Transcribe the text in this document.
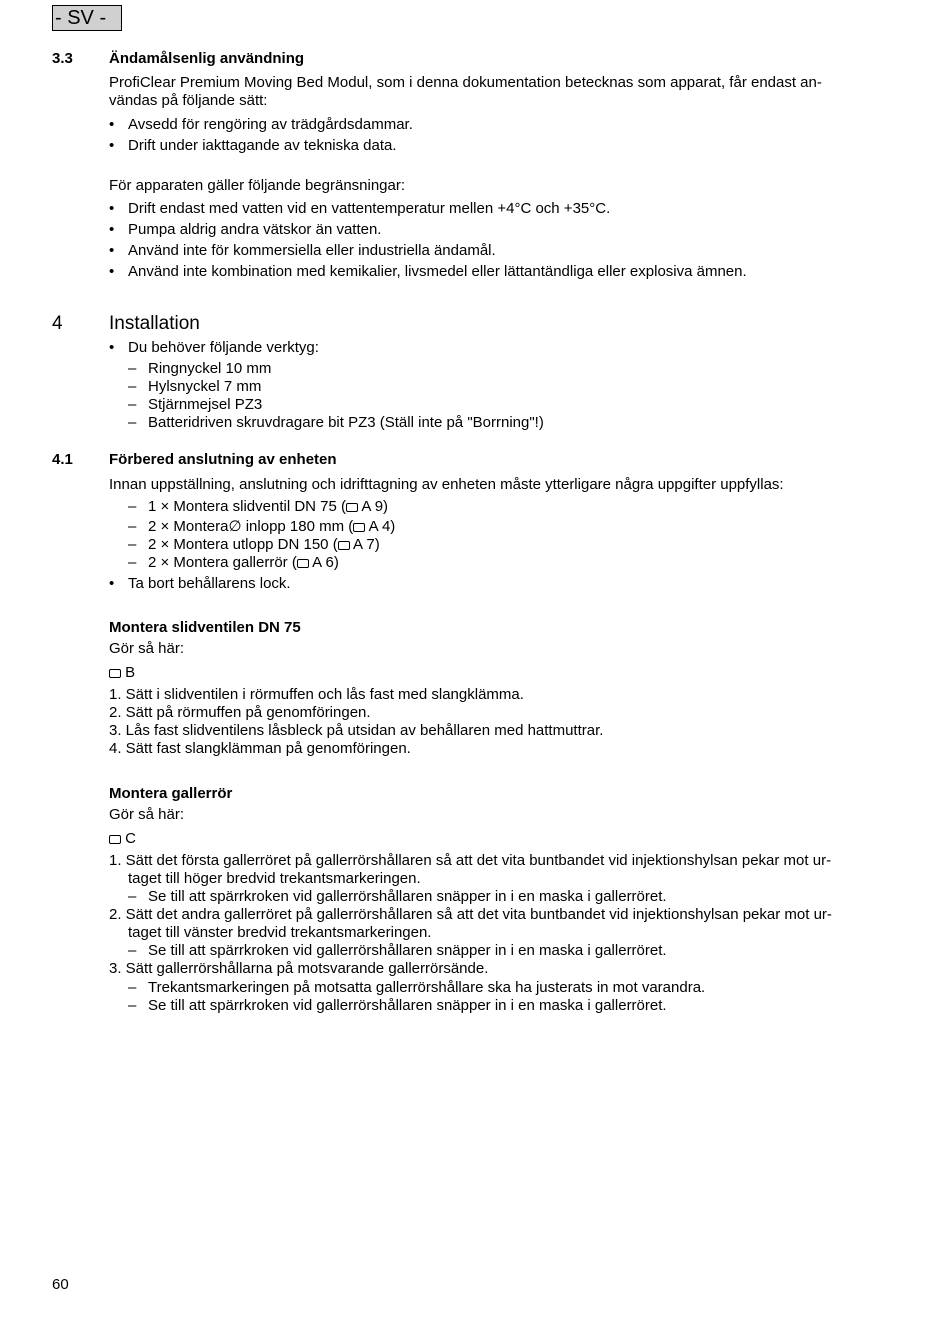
- SV -
3.3 Ändamålsenlig användning
ProfiClear Premium Moving Bed Modul, som i denna dokumentation betecknas som apparat, får endast an-
vändas på följande sätt:
• Avsedd för rengöring av trädgårdsdammar.
• Drift under iakttagande av tekniska data.
För apparaten gäller följande begränsningar:
• Drift endast med vatten vid en vattentemperatur mellen +4°C och +35°C.
• Pumpa aldrig andra vätskor än vatten.
• Använd inte för kommersiella eller industriella ändamål.
• Använd inte kombination med kemikalier, livsmedel eller lättantändliga eller explosiva ämnen.
4 Installation
• Du behöver följande verktyg:
– Ringnyckel 10 mm
– Hylsnyckel 7 mm
– Stjärnmejsel PZ3
– Batteridriven skruvdragare bit PZ3 (Ställ inte på "Borrning"!)
4.1 Förbered anslutning av enheten
Innan uppställning, anslutning och idrifttagning av enheten måste ytterligare några uppgifter uppfyllas:
– 1 × Montera slidventil DN 75 ( A 9)
– 2 × Montera∅ inlopp 180 mm ( A 4)
– 2 × Montera utlopp DN 150 ( A 7)
– 2 × Montera gallerrör ( A 6)
• Ta bort behållarens lock.
Montera slidventilen DN 75
Gör så här:
B
1. Sätt i slidventilen i rörmuffen och lås fast med slangklämma.
2. Sätt på rörmuffen på genomföringen.
3. Lås fast slidventilens låsbleck på utsidan av behållaren med hattmuttrar.
4. Sätt fast slangklämman på genomföringen.
Montera gallerrör
Gör så här:
C
1. Sätt det första gallerröret på gallerrörshållaren så att det vita buntbandet vid injektionshylsan pekar mot ur-
taget till höger bredvid trekantsmarkeringen.
– Se till att spärrkroken vid gallerrörshållaren snäpper in i en maska i gallerröret.
2. Sätt det andra gallerröret på gallerrörshållaren så att det vita buntbandet vid injektionshylsan pekar mot ur-
taget till vänster bredvid trekantsmarkeringen.
– Se till att spärrkroken vid gallerrörshållaren snäpper in i en maska i gallerröret.
3. Sätt gallerrörshållarna på motsvarande gallerrörsände.
– Trekantsmarkeringen på motsatta gallerrörshållare ska ha justerats in mot varandra.
– Se till att spärrkroken vid gallerrörshållaren snäpper in i en maska i gallerröret.
60
